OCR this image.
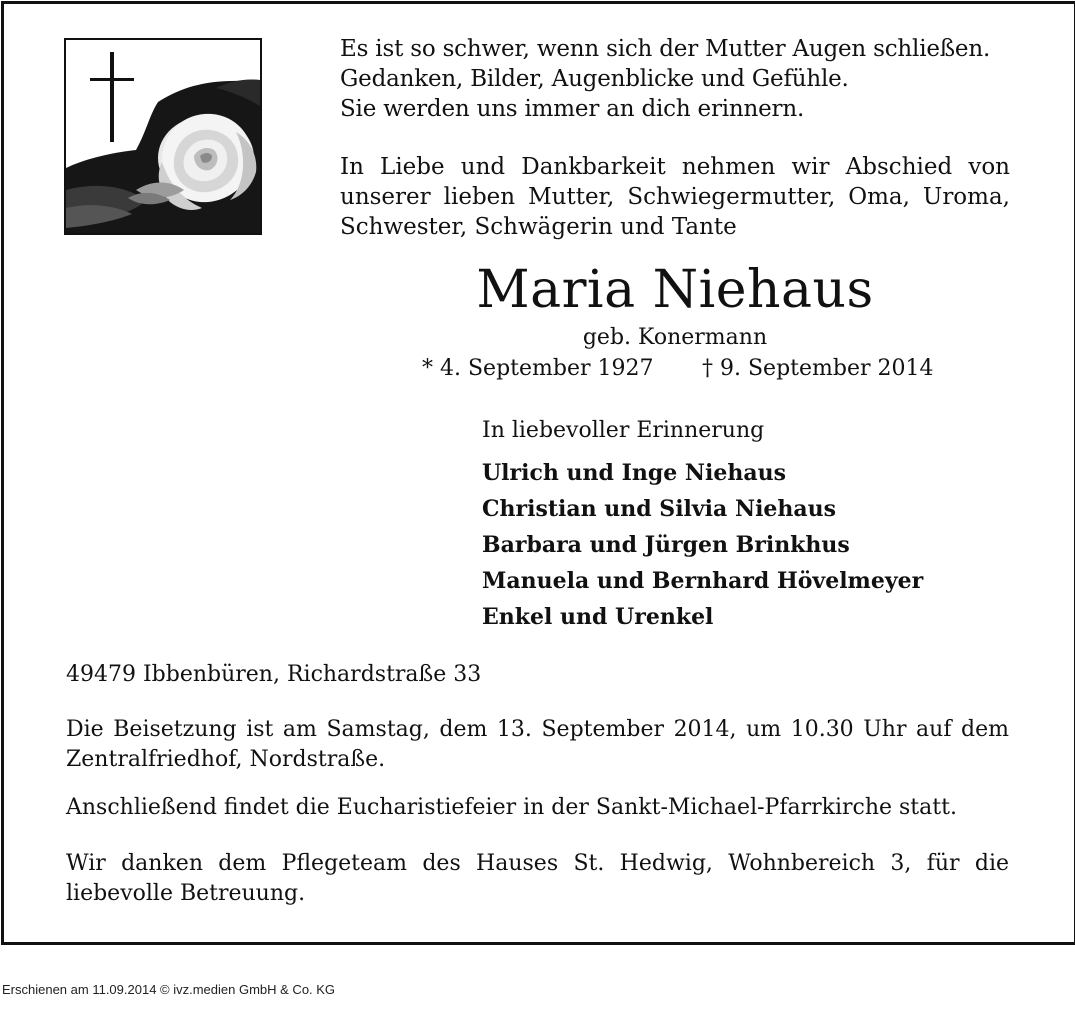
Es ist so schwer, wenn sich der Mutter Augen schließen.
Gedanken, Bilder, Augenblicke und Gefühle.
Sie werden uns immer an dich erinnern.
In Liebe und Dankbarkeit nehmen wir Abschied von
unserer lieben Mutter, Schwiegermutter, Oma, Uroma,
Schwester, Schwägerin und Tante
Maria Niehaus
geb. Konermann
* 4. September 1927 † 9. September 2014
In liebevoller Erinnerung
Ulrich und Inge Niehaus
Christian und Silvia Niehaus
Barbara und Jürgen Brinkhus
Manuela und Bernhard Hövelmeyer
Enkel und Urenkel
49479 Ibbenbüren, Richardstraße 33
Die Beisetzung ist am Samstag, dem 13. September 2014, um 10.30 Uhr auf dem
Zentralfriedhof, Nordstraße.
Anschließend findet die Eucharistiefeier in der Sankt-Michael-Pfarrkirche statt.
Wir danken dem Pflegeteam des Hauses St. Hedwig, Wohnbereich 3, für die
liebevolle Betreuung.
Erschienen am 11.09.2014 © ivz.medien GmbH & Co. KG
